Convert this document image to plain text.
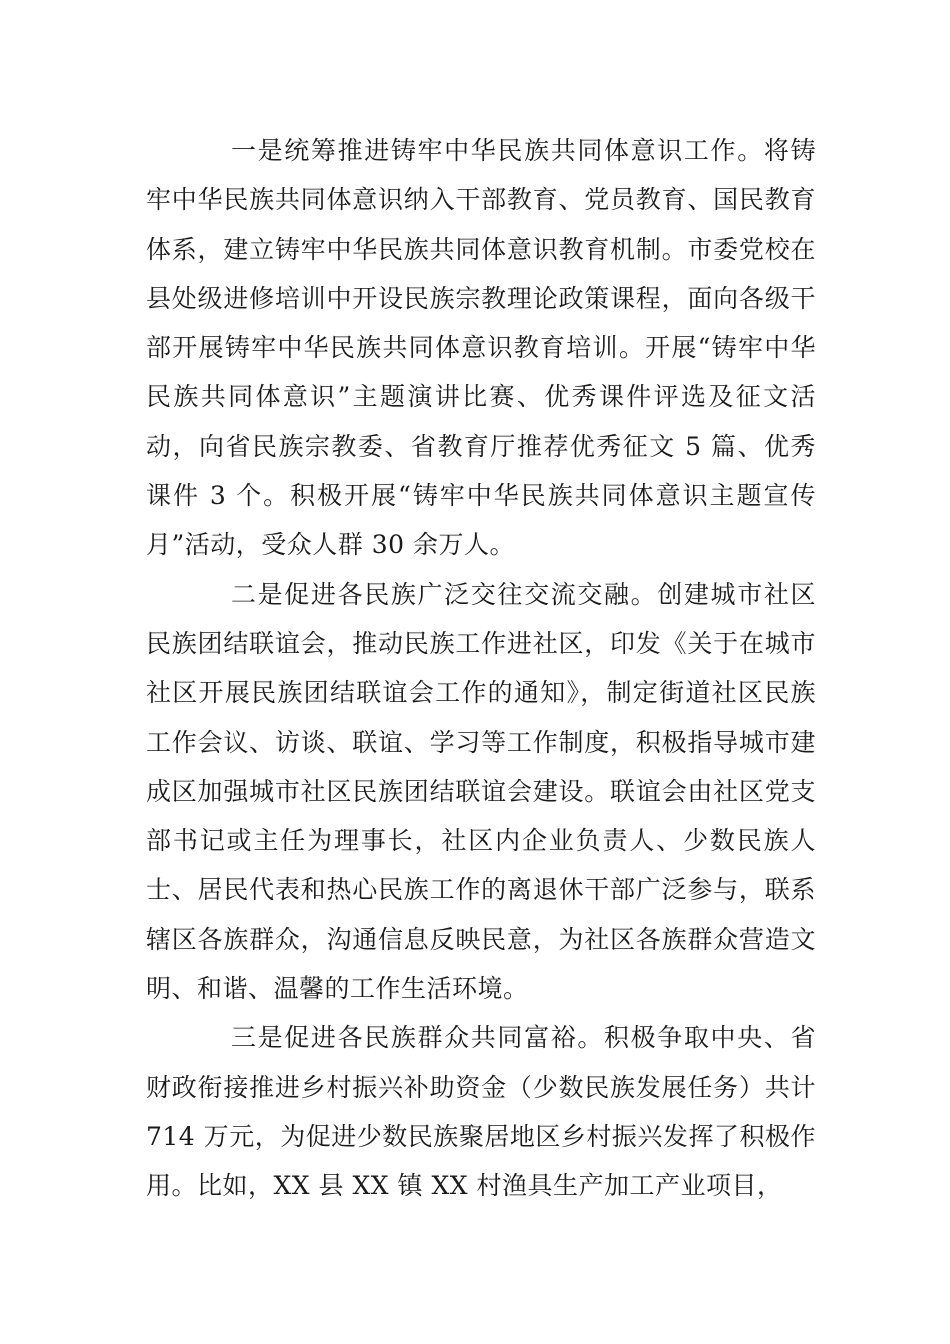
一是统筹推进铸牢中华民族共同体意识工作。将铸牢中华民族共同体意识纳入干部教育、党员教育、国民教育体系，建立铸牢中华民族共同体意识教育机制。市委党校在县处级进修培训中开设民族宗教理论政策课程，面向各级干部开展铸牢中华民族共同体意识教育培训。开展“铸牢中华民族共同体意识”主题演讲比赛、优秀课件评选及征文活动，向省民族宗教委、省教育厅推荐优秀征文 5 篇、优秀课件 3 个。积极开展“铸牢中华民族共同体意识主题宣传月”活动，受众人群 30 余万人。

二是促进各民族广泛交往交流交融。创建城市社区民族团结联谊会，推动民族工作进社区，印发《关于在城市社区开展民族团结联谊会工作的通知》，制定街道社区民族工作会议、访谈、联谊、学习等工作制度，积极指导城市建成区加强城市社区民族团结联谊会建设。联谊会由社区党支部书记或主任为理事长，社区内企业负责人、少数民族人士、居民代表和热心民族工作的离退休干部广泛参与，联系辖区各族群众，沟通信息反映民意，为社区各族群众营造文明、和谐、温馨的工作生活环境。

三是促进各民族群众共同富裕。积极争取中央、省财政衔接推进乡村振兴补助资金（少数民族发展任务）共计 714 万元，为促进少数民族聚居地区乡村振兴发挥了积极作用。比如，XX 县 XX 镇 XX 村渔具生产加工产业项目，
